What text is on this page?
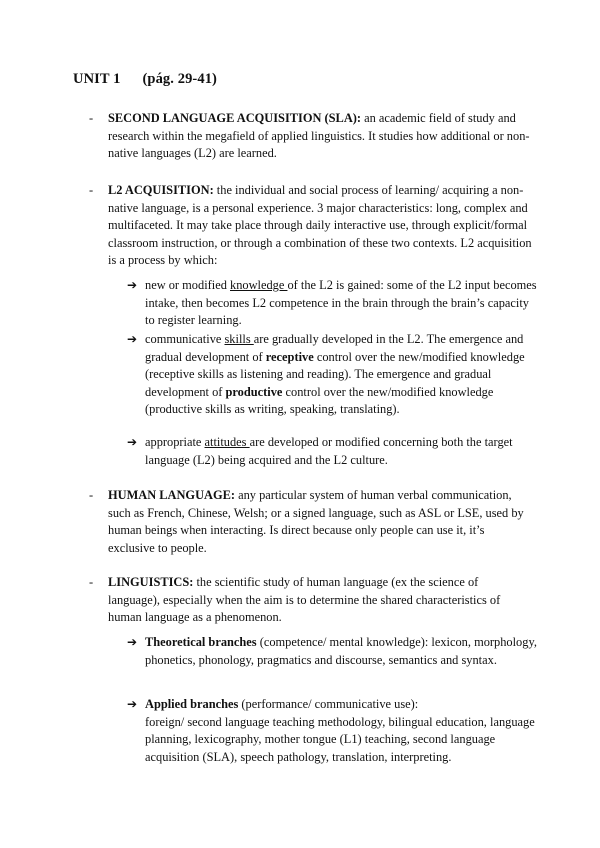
UNIT 1 (pág. 29-41)
- SECOND LANGUAGE ACQUISITION (SLA): an academic field of study and research within the megafield of applied linguistics. It studies how additional or non-native languages (L2) are learned.
- L2 ACQUISITION: the individual and social process of learning/ acquiring a non-native language, is a personal experience. 3 major characteristics: long, complex and multifaceted. It may take place through daily interactive use, through explicit/formal classroom instruction, or through a combination of these two contexts. L2 acquisition is a process by which:
➔ new or modified knowledge of the L2 is gained: some of the L2 input becomes intake, then becomes L2 competence in the brain through the brain’s capacity to register learning.
➔ communicative skills are gradually developed in the L2. The emergence and gradual development of receptive control over the new/modified knowledge (receptive skills as listening and reading). The emergence and gradual development of productive control over the new/modified knowledge (productive skills as writing, speaking, translating).
➔ appropriate attitudes are developed or modified concerning both the target language (L2) being acquired and the L2 culture.
- HUMAN LANGUAGE: any particular system of human verbal communication, such as French, Chinese, Welsh; or a signed language, such as ASL or LSE, used by human beings when interacting. Is direct because only people can use it, it’s exclusive to people.
- LINGUISTICS: the scientific study of human language (ex the science of language), especially when the aim is to determine the shared characteristics of human language as a phenomenon.
➔ Theoretical branches (competence/ mental knowledge): lexicon, morphology, phonetics, phonology, pragmatics and discourse, semantics and syntax.
➔ Applied branches (performance/ communicative use):
foreign/ second language teaching methodology, bilingual education, language planning, lexicography, mother tongue (L1) teaching, second language acquisition (SLA), speech pathology, translation, interpreting.
